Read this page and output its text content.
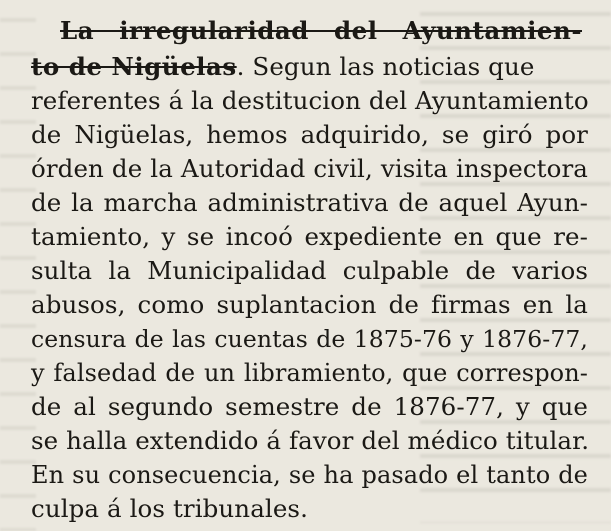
La irregularidad del Ayuntamien-
to de Nigüelas. Segun las noticias que
referentes á la destitucion del Ayuntamiento
de Nigüelas, hemos adquirido, se giró por
órden de la Autoridad civil, visita inspectora
de la marcha administrativa de aquel Ayun-
tamiento, y se incoó expediente en que re-
sulta la Municipalidad culpable de varios
abusos, como suplantacion de firmas en la
censura de las cuentas de 1875-76 y 1876-77,
y falsedad de un libramiento, que correspon-
de al segundo semestre de 1876-77, y que
se halla extendido á favor del médico titular.
En su consecuencia, se ha pasado el tanto de
culpa á los tribunales.
